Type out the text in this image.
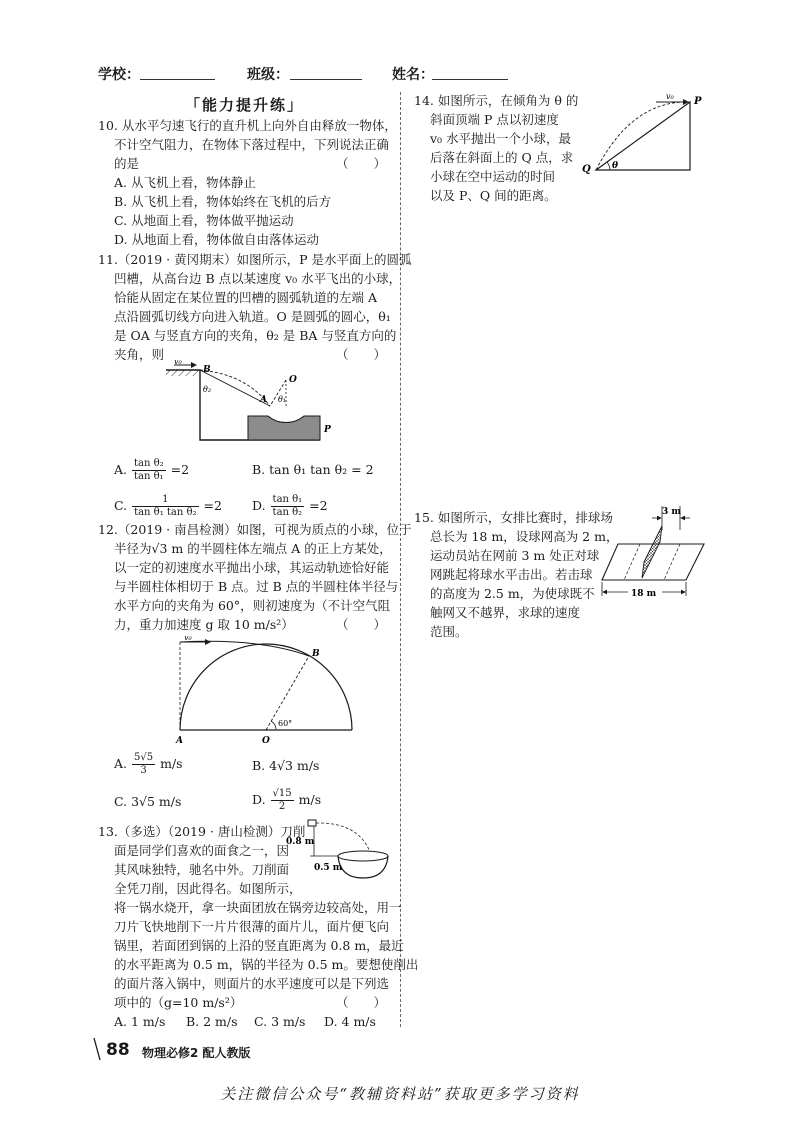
学校：	班级：	姓名：
「能力提升练」
10. 从水平匀速飞行的直升机上向外自由释放一物体，
不计空气阻力，在物体下落过程中，下列说法正确
的是	（　　）
A. 从飞机上看，物体静止
B. 从飞机上看，物体始终在飞机的后方
C. 从地面上看，物体做平抛运动
D. 从地面上看，物体做自由落体运动
11.（2019 · 黄冈期末）如图所示，P 是水平面上的圆弧
凹槽，从高台边 B 点以某速度 v₀ 水平飞出的小球，
恰能从固定在某位置的凹槽的圆弧轨道的左端 A
点沿圆弧切线方向进入轨道。O 是圆弧的圆心，θ₁
是 OA 与竖直方向的夹角，θ₂ 是 BA 与竖直方向的
夹角，则	（　　）
v₀
B
θ₂
O
A θ₁
P
A. $\frac{\text{tan θ₂}}{\text{tan θ₁}} =2$	B. tan θ₁ tan θ₂ = 2
C. $\frac{1}{\text{tan θ₁ tan θ₂}} =2$ D. $\frac{\text{tan θ₁}}{\text{tan θ₂}} =2$
12.（2019 · 南昌检测）如图，可视为质点的小球，位于
半径为√3 m 的半圆柱体左端点 A 的正上方某处，
以一定的初速度水平抛出小球，其运动轨迹恰好能
与半圆柱体相切于 B 点。过 B 点的半圆柱体半径与
水平方向的夹角为 60°，则初速度为（不计空气阻
力，重力加速度 g 取 10 m/s²）	（　　）
v₀
B
A	O
60°
A. $\frac{5√5}{3} m/s$	B. 4√3 m/s
C. 3√5 m/s	D. $\frac{√15}{2} m/s$
13.（多选）（2019 · 唐山检测）刀削
面是同学们喜欢的面食之一，因
其风味独特，驰名中外。刀削面
全凭刀削，因此得名。如图所示，
将一锅水烧开，拿一块面团放在锅旁边较高处，用一
刀片飞快地削下一片片很薄的面片儿，面片便飞向
锅里，若面团到锅的上沿的竖直距离为 0.8 m，最近
的水平距离为 0.5 m，锅的半径为 0.5 m。要想使削出
的面片落入锅中，则面片的水平速度可以是下列选
项中的（g=10 m/s²）	（　　）
0.8 m
0.5 m
A. 1 m/s B. 2 m/s C. 3 m/s D. 4 m/s
14. 如图所示，在倾角为 θ 的
斜面顶端 P 点以初速度
v₀ 水平抛出一个小球，最
后落在斜面上的 Q 点，求
小球在空中运动的时间
以及 P、Q 间的距离。
v₀ P
Q θ
15. 如图所示，女排比赛时，排球场
总长为 18 m，设球网高为 2 m，
运动员站在网前 3 m 处正对球
网跳起将球水平击出。若击球
的高度为 2.5 m，为使球既不
触网又不越界，求球的速度
范围。
3 m
18 m
88 物理必修2 配人教版
关注微信公众号“教辅资料站”获取更多学习资料
